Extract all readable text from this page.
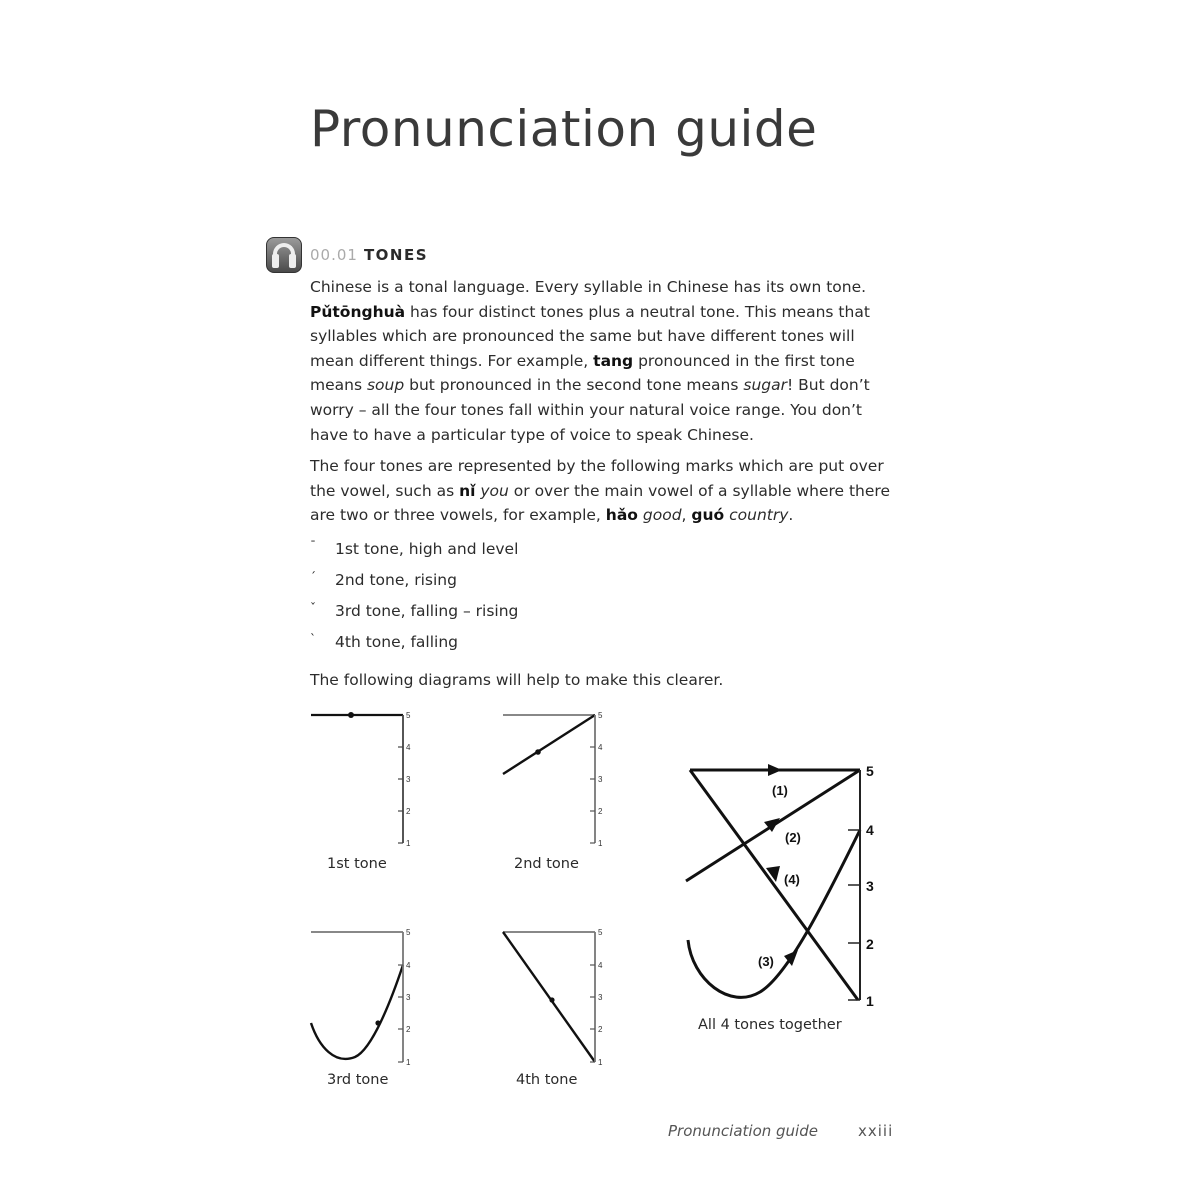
Pronunciation guide
00.01 TONES

Chinese is a tonal language. Every syllable in Chinese has its own tone. Pǔtōnghuà has four distinct tones plus a neutral tone. This means that syllables which are pronounced the same but have different tones will mean different things. For example, tang pronounced in the first tone means soup but pronounced in the second tone means sugar! But don’t worry – all the four tones fall within your natural voice range. You don’t have to have a particular type of voice to speak Chinese.

The four tones are represented by the following marks which are put over the vowel, such as nǐ you or over the main vowel of a syllable where there are two or three vowels, for example, hǎo good, guó country.

ˉ	1st tone, high and level
ˊ	2nd tone, rising
ˇ	3rd tone, falling – rising
ˋ	4th tone, falling
The following diagrams will help to make this clearer.
5
4
3
2
1
1st tone
5
4
3
2
1
2nd tone
5
4
3
2
1
3rd tone
5
4
3
2
1
4th tone
5
4
3
2
1
(1)
(2)
(3)
(4)
All 4 tones together
Pronunciation guide	xxiii
